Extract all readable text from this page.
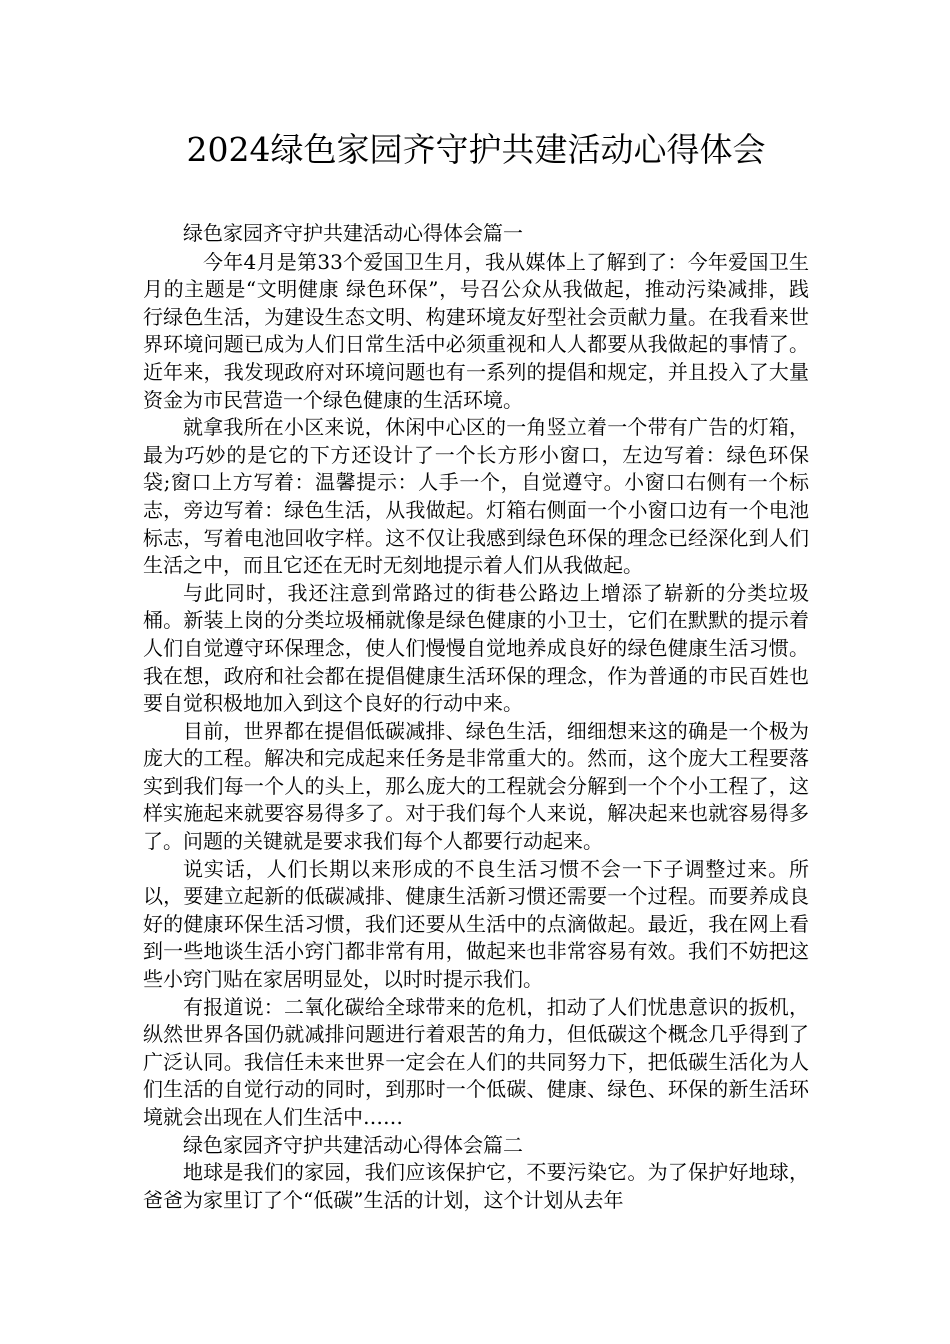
2024绿色家园齐守护共建活动心得体会

绿色家园齐守护共建活动心得体会篇一

今年4月是第33个爱国卫生月，我从媒体上了解到了：今年爱国卫生月的主题是“文明健康 绿色环保”，号召公众从我做起，推动污染减排，践行绿色生活，为建设生态文明、构建环境友好型社会贡献力量。在我看来世界环境问题已成为人们日常生活中必须重视和人人都要从我做起的事情了。近年来，我发现政府对环境问题也有一系列的提倡和规定，并且投入了大量资金为市民营造一个绿色健康的生活环境。

就拿我所在小区来说，休闲中心区的一角竖立着一个带有广告的灯箱，最为巧妙的是它的下方还设计了一个长方形小窗口，左边写着：绿色环保袋;窗口上方写着：温馨提示：人手一个，自觉遵守。小窗口右侧有一个标志，旁边写着：绿色生活，从我做起。灯箱右侧面一个小窗口边有一个电池标志，写着电池回收字样。这不仅让我感到绿色环保的理念已经深化到人们生活之中，而且它还在无时无刻地提示着人们从我做起。

与此同时，我还注意到常路过的街巷公路边上增添了崭新的分类垃圾桶。新装上岗的分类垃圾桶就像是绿色健康的小卫士，它们在默默的提示着人们自觉遵守环保理念，使人们慢慢自觉地养成良好的绿色健康生活习惯。我在想，政府和社会都在提倡健康生活环保的理念，作为普通的市民百姓也要自觉积极地加入到这个良好的行动中来。

目前，世界都在提倡低碳减排、绿色生活，细细想来这的确是一个极为庞大的工程。解决和完成起来任务是非常重大的。然而，这个庞大工程要落实到我们每一个人的头上，那么庞大的工程就会分解到一个个小工程了，这样实施起来就要容易得多了。对于我们每个人来说，解决起来也就容易得多了。问题的关键就是要求我们每个人都要行动起来。

说实话，人们长期以来形成的不良生活习惯不会一下子调整过来。所以，要建立起新的低碳减排、健康生活新习惯还需要一个过程。而要养成良好的健康环保生活习惯，我们还要从生活中的点滴做起。最近，我在网上看到一些地谈生活小窍门都非常有用，做起来也非常容易有效。我们不妨把这些小窍门贴在家居明显处，以时时提示我们。

有报道说：二氧化碳给全球带来的危机，扣动了人们忧患意识的扳机，纵然世界各国仍就减排问题进行着艰苦的角力，但低碳这个概念几乎得到了广泛认同。我信任未来世界一定会在人们的共同努力下，把低碳生活化为人们生活的自觉行动的同时，到那时一个低碳、健康、绿色、环保的新生活环境就会出现在人们生活中……

绿色家园齐守护共建活动心得体会篇二

地球是我们的家园，我们应该保护它，不要污染它。为了保护好地球，爸爸为家里订了个“低碳”生活的计划，这个计划从去年
